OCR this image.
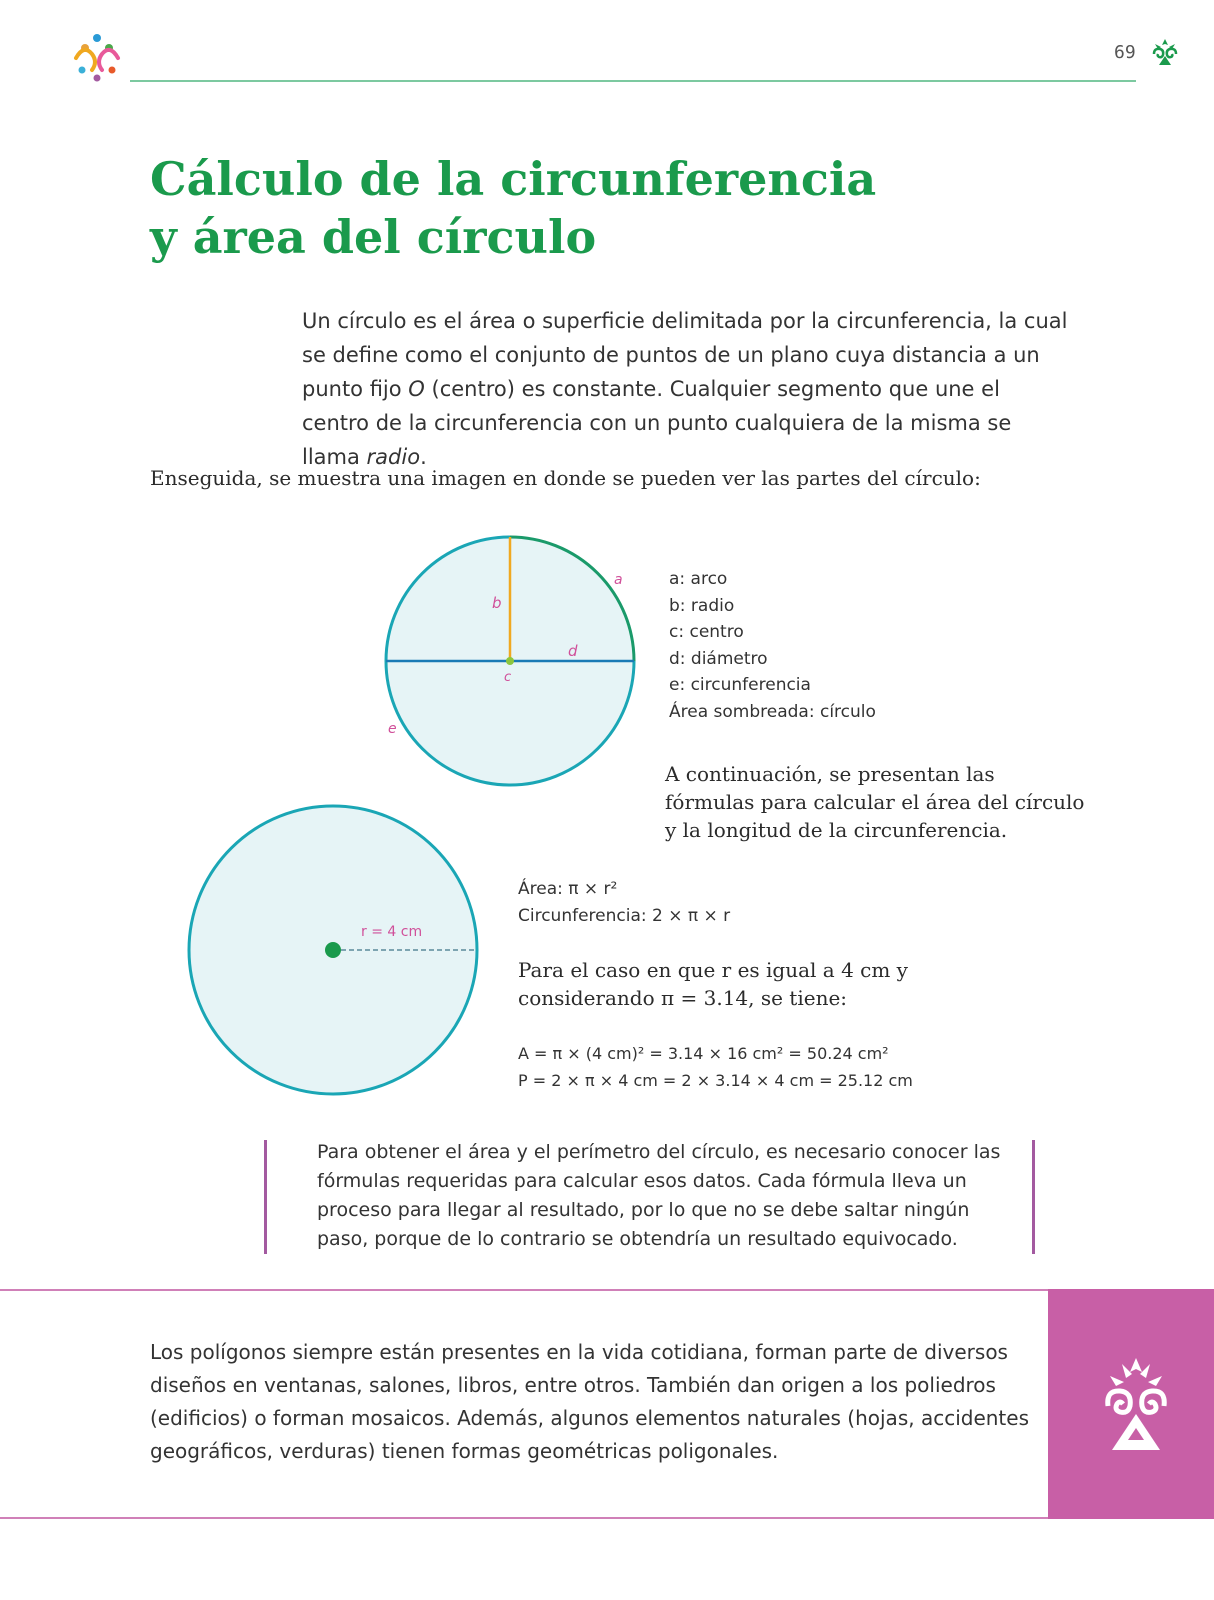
69
Cálculo de la circunferencia
y área del círculo
Un círculo es el área o superficie delimitada por la circunferencia, la cual se define como el conjunto de puntos de un plano cuya distancia a un punto fijo O (centro) es constante. Cualquier segmento que une el centro de la circunferencia con un punto cualquiera de la misma se llama radio.
Enseguida, se muestra una imagen en donde se pueden ver las partes del círculo:
a
b
c
d
e
a: arco
b: radio
c: centro
d: diámetro
e: circunferencia
Área sombreada: círculo
A continuación, se presentan las fórmulas para calcular el área del círculo y la longitud de la circunferencia.
r = 4 cm
Área: π × r²
Circunferencia: 2 × π × r
Para el caso en que r es igual a 4 cm y considerando π = 3.14, se tiene:
A = π × (4 cm)² = 3.14 × 16 cm² = 50.24 cm²
P = 2 × π × 4 cm = 2 × 3.14 × 4 cm = 25.12 cm
Para obtener el área y el perímetro del círculo, es necesario conocer las fórmulas requeridas para calcular esos datos. Cada fórmula lleva un proceso para llegar al resultado, por lo que no se debe saltar ningún paso, porque de lo contrario se obtendría un resultado equivocado.
Los polígonos siempre están presentes en la vida cotidiana, forman parte de diversos diseños en ventanas, salones, libros, entre otros. También dan origen a los poliedros (edificios) o forman mosaicos. Además, algunos elementos naturales (hojas, accidentes geográficos, verduras) tienen formas geométricas poligonales.
